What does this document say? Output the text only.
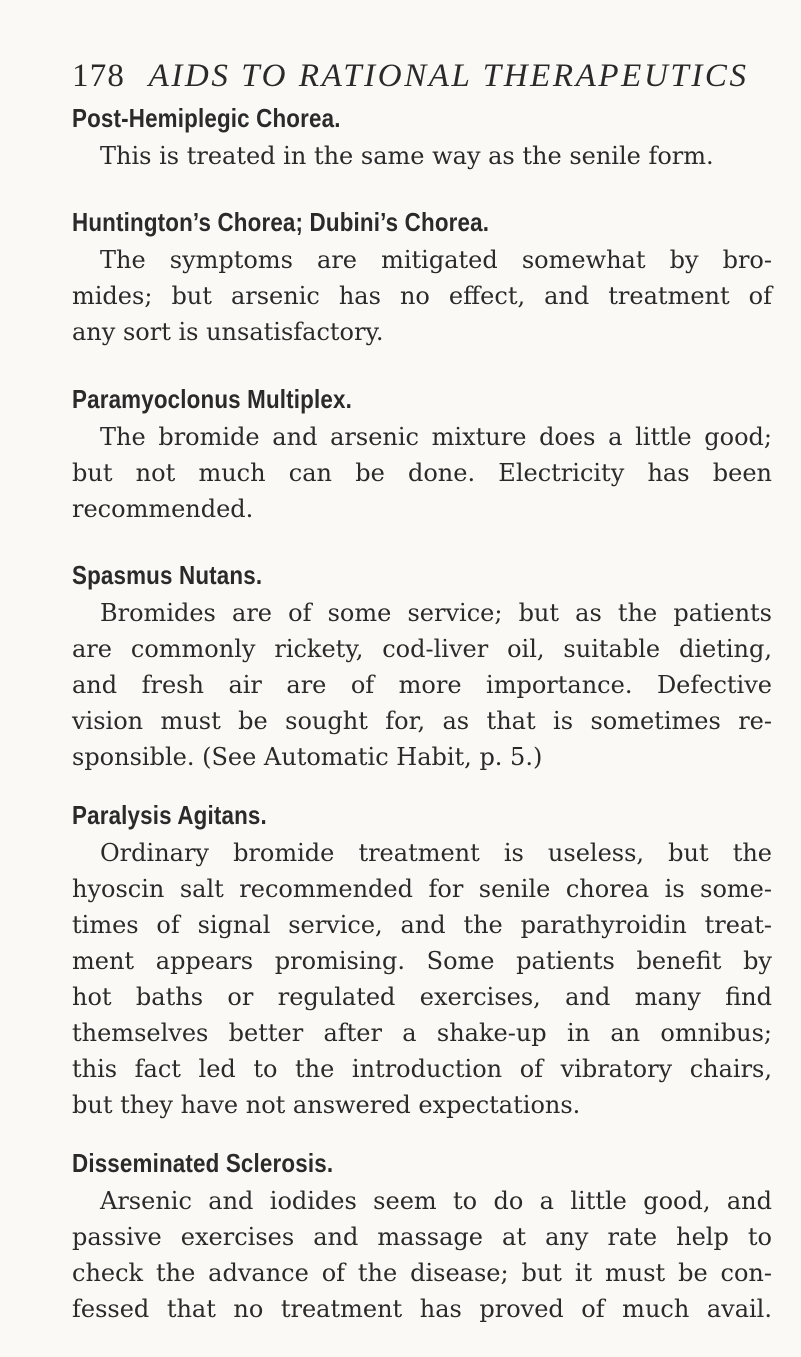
178 AIDS TO RATIONAL THERAPEUTICS
Post-Hemiplegic Chorea.
This is treated in the same way as the senile form.
Huntington’s Chorea; Dubini’s Chorea.
The symptoms are mitigated somewhat by bro-
mides; but arsenic has no effect, and treatment of
any sort is unsatisfactory.
Paramyoclonus Multiplex.
The bromide and arsenic mixture does a little good;
but not much can be done. Electricity has been
recommended.
Spasmus Nutans.
Bromides are of some service; but as the patients
are commonly rickety, cod-liver oil, suitable dieting,
and fresh air are of more importance. Defective
vision must be sought for, as that is sometimes re-
sponsible. (See Automatic Habit, p. 5.)
Paralysis Agitans.
Ordinary bromide treatment is useless, but the
hyoscin salt recommended for senile chorea is some-
times of signal service, and the parathyroidin treat-
ment appears promising. Some patients benefit by
hot baths or regulated exercises, and many find
themselves better after a shake-up in an omnibus;
this fact led to the introduction of vibratory chairs,
but they have not answered expectations.
Disseminated Sclerosis.
Arsenic and iodides seem to do a little good, and
passive exercises and massage at any rate help to
check the advance of the disease; but it must be con-
fessed that no treatment has proved of much avail.
